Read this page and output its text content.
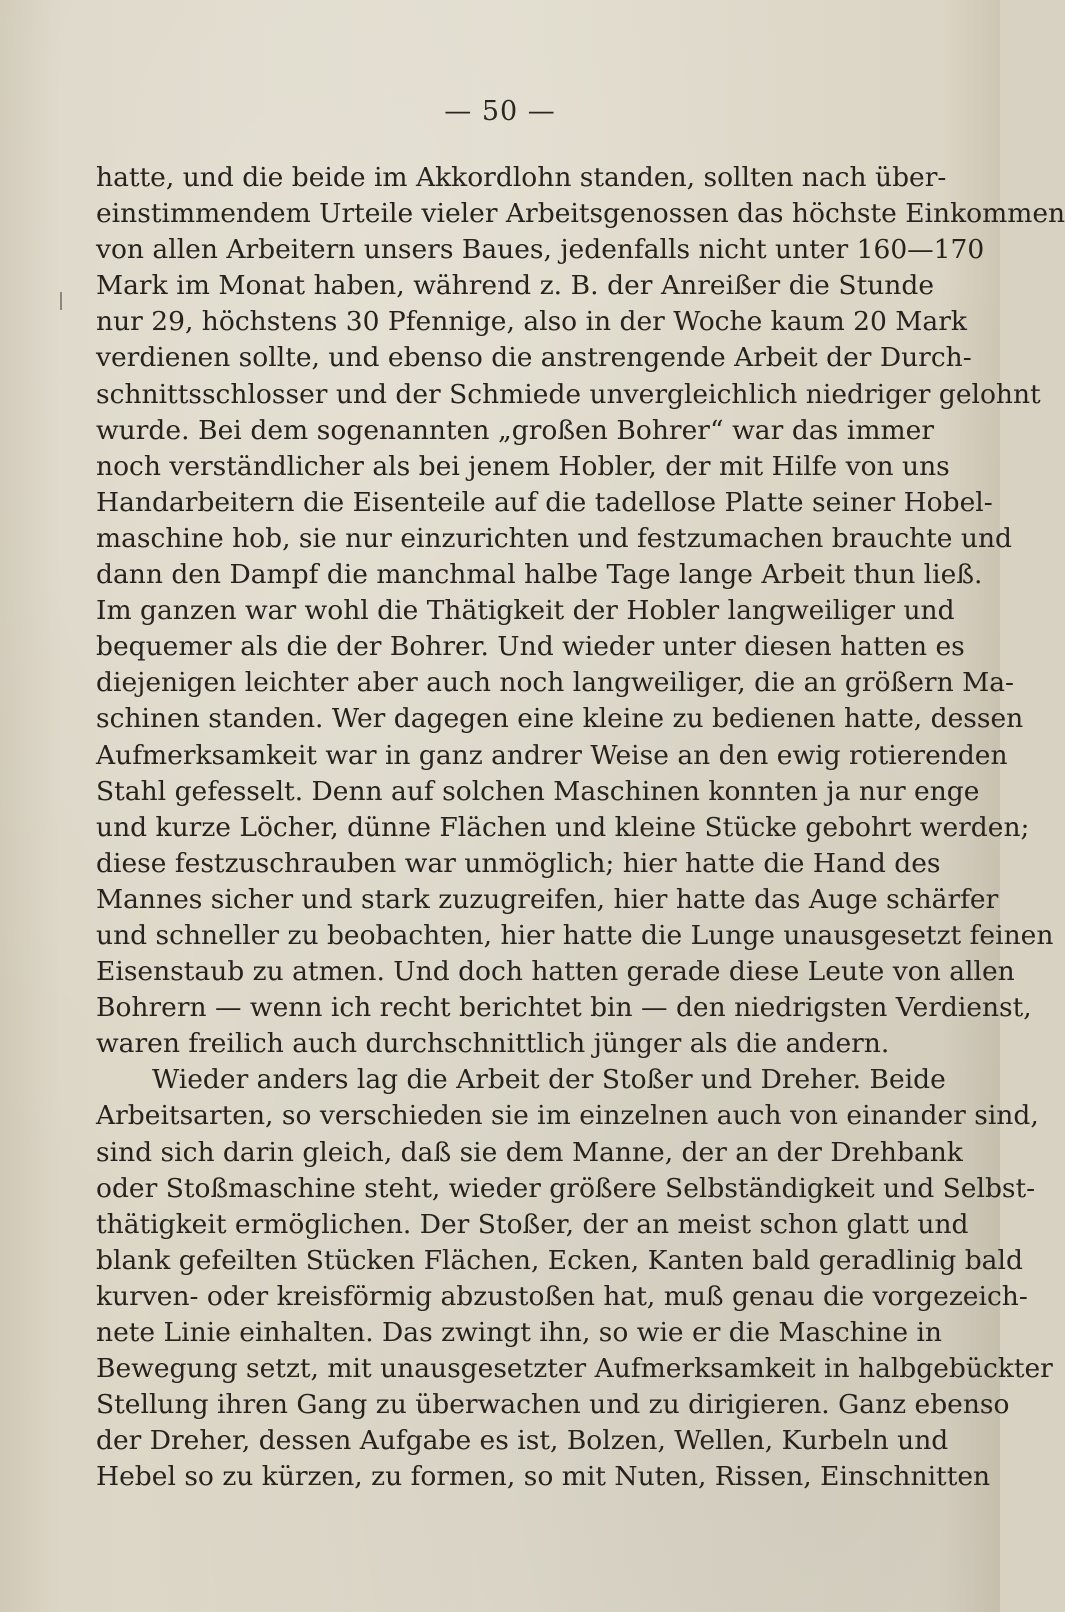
— 50 —
hatte, und die beide im Akkordlohn standen, sollten nach über-
einstimmendem Urteile vieler Arbeitsgenossen das höchste Einkommen
von allen Arbeitern unsers Baues, jedenfalls nicht unter 160—170
Mark im Monat haben, während z. B. der Anreißer die Stunde
nur 29, höchstens 30 Pfennige, also in der Woche kaum 20 Mark
verdienen sollte, und ebenso die anstrengende Arbeit der Durch-
schnittsschlosser und der Schmiede unvergleichlich niedriger gelohnt
wurde. Bei dem sogenannten „großen Bohrer“ war das immer
noch verständlicher als bei jenem Hobler, der mit Hilfe von uns
Handarbeitern die Eisenteile auf die tadellose Platte seiner Hobel-
maschine hob, sie nur einzurichten und festzumachen brauchte und
dann den Dampf die manchmal halbe Tage lange Arbeit thun ließ.
Im ganzen war wohl die Thätigkeit der Hobler langweiliger und
bequemer als die der Bohrer. Und wieder unter diesen hatten es
diejenigen leichter aber auch noch langweiliger, die an größern Ma-
schinen standen. Wer dagegen eine kleine zu bedienen hatte, dessen
Aufmerksamkeit war in ganz andrer Weise an den ewig rotierenden
Stahl gefesselt. Denn auf solchen Maschinen konnten ja nur enge
und kurze Löcher, dünne Flächen und kleine Stücke gebohrt werden;
diese festzuschrauben war unmöglich; hier hatte die Hand des
Mannes sicher und stark zuzugreifen, hier hatte das Auge schärfer
und schneller zu beobachten, hier hatte die Lunge unausgesetzt feinen
Eisenstaub zu atmen. Und doch hatten gerade diese Leute von allen
Bohrern — wenn ich recht berichtet bin — den niedrigsten Verdienst,
waren freilich auch durchschnittlich jünger als die andern.
Wieder anders lag die Arbeit der Stoßer und Dreher. Beide
Arbeitsarten, so verschieden sie im einzelnen auch von einander sind,
sind sich darin gleich, daß sie dem Manne, der an der Drehbank
oder Stoßmaschine steht, wieder größere Selbständigkeit und Selbst-
thätigkeit ermöglichen. Der Stoßer, der an meist schon glatt und
blank gefeilten Stücken Flächen, Ecken, Kanten bald geradlinig bald
kurven- oder kreisförmig abzustoßen hat, muß genau die vorgezeich-
nete Linie einhalten. Das zwingt ihn, so wie er die Maschine in
Bewegung setzt, mit unausgesetzter Aufmerksamkeit in halbgebückter
Stellung ihren Gang zu überwachen und zu dirigieren. Ganz ebenso
der Dreher, dessen Aufgabe es ist, Bolzen, Wellen, Kurbeln und
Hebel so zu kürzen, zu formen, so mit Nuten, Rissen, Einschnitten
